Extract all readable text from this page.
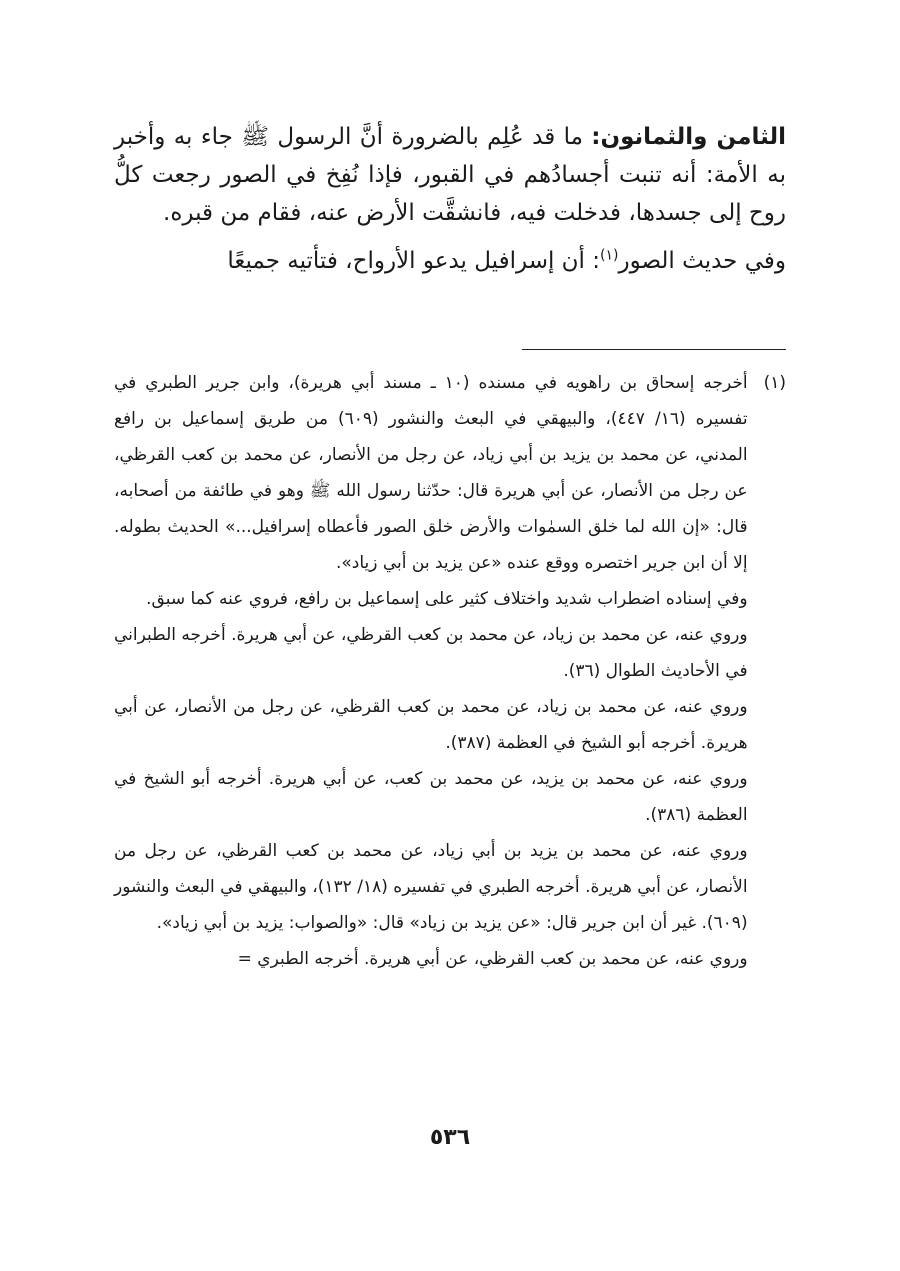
الثامن والثمانون: ما قد عُلِم بالضرورة أنَّ الرسول ﷺ جاء به وأخبر به الأمة: أنه تنبت أجسادُهم في القبور، فإذا نُفِخ في الصور رجعت كلُّ روح إلى جسدها، فدخلت فيه، فانشقَّت الأرض عنه، فقام من قبره.

وفي حديث الصور$^{(١)}$: أن إسرافيل يدعو الأرواح، فتأتيه جميعًا

(١)

أخرجه إسحاق بن راهويه في مسنده (١٠ ـ مسند أبي هريرة)، وابن جرير الطبري في تفسيره (١٦/ ٤٤٧)، والبيهقي في البعث والنشور (٦٠٩) من طريق إسماعيل بن رافع المدني، عن محمد بن يزيد بن أبي زياد، عن رجل من الأنصار، عن محمد بن كعب القرظي، عن رجل من الأنصار، عن أبي هريرة قال: حدّثنا رسول الله ﷺ وهو في طائفة من أصحابه، قال: «إن الله لما خلق السمٰوات والأرض خلق الصور فأعطاه إسرافيل...» الحديث بطوله. إلا أن ابن جرير اختصره ووقع عنده «عن يزيد بن أبي زياد».

وفي إسناده اضطراب شديد واختلاف كثير على إسماعيل بن رافع، فروي عنه كما سبق.

وروي عنه، عن محمد بن زياد، عن محمد بن كعب القرظي، عن أبي هريرة. أخرجه الطبراني في الأحاديث الطوال (٣٦).

وروي عنه، عن محمد بن زياد، عن محمد بن كعب القرظي، عن رجل من الأنصار، عن أبي هريرة. أخرجه أبو الشيخ في العظمة (٣٨٧).

وروي عنه، عن محمد بن يزيد، عن محمد بن كعب، عن أبي هريرة. أخرجه أبو الشيخ في العظمة (٣٨٦).

وروي عنه، عن محمد بن يزيد بن أبي زياد، عن محمد بن كعب القرظي، عن رجل من الأنصار، عن أبي هريرة. أخرجه الطبري في تفسيره (١٨/ ١٣٢)، والبيهقي في البعث والنشور (٦٠٩). غير أن ابن جرير قال: «عن يزيد بن زياد» قال: «والصواب: يزيد بن أبي زياد».

وروي عنه، عن محمد بن كعب القرظي، عن أبي هريرة. أخرجه الطبري =

٥٣٦
